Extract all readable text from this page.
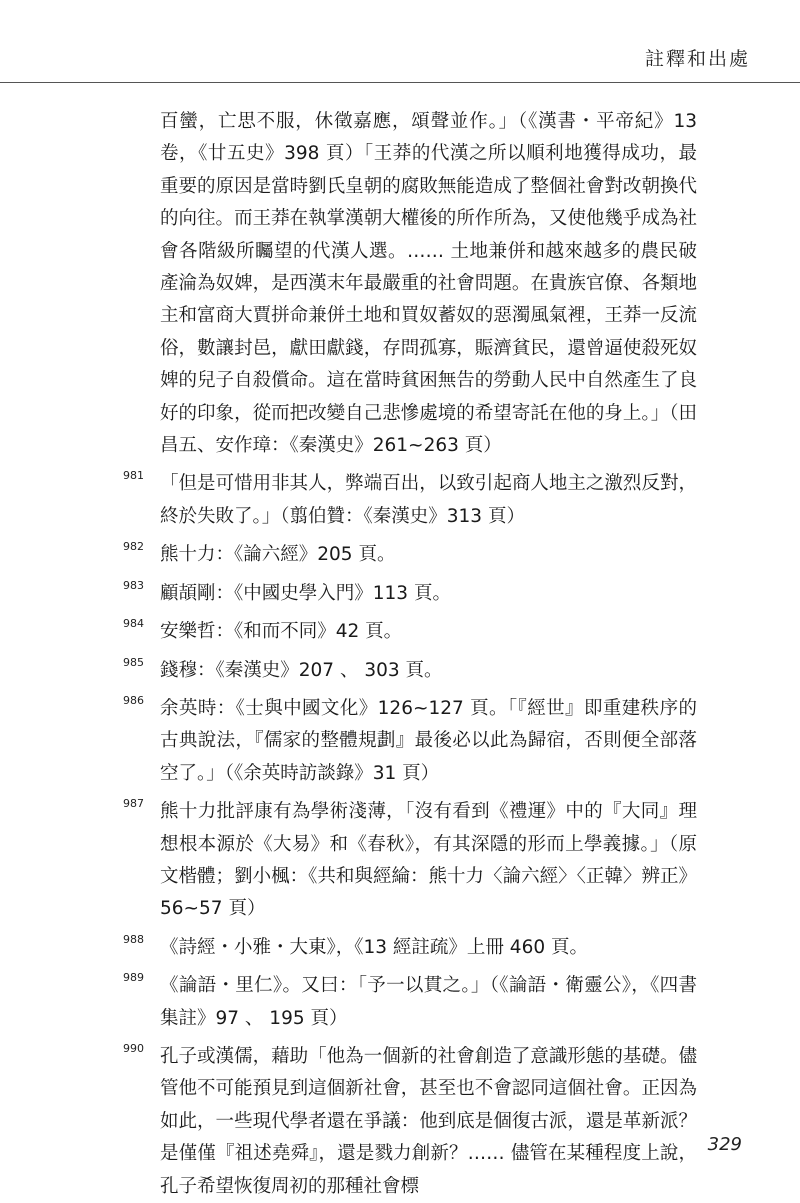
註釋和出處

百蠻，亡思不服，休徵嘉應，頌聲並作。」（《漢書・平帝紀》13 卷，《廿五史》398 頁）「王莽的代漢之所以順利地獲得成功，最重要的原因是當時劉氏皇朝的腐敗無能造成了整個社會對改朝換代的向往。而王莽在執掌漢朝大權後的所作所為，又使他幾乎成為社會各階級所矚望的代漢人選。…… 土地兼併和越來越多的農民破產淪為奴婢，是西漢末年最嚴重的社會問題。在貴族官僚、各類地主和富商大賈拼命兼併土地和買奴蓄奴的惡濁風氣裡，王莽一反流俗，數讓封邑，獻田獻錢，存問孤寡，賑濟貧民，還曾逼使殺死奴婢的兒子自殺償命。這在當時貧困無告的勞動人民中自然產生了良好的印象，從而把改變自己悲慘處境的希望寄託在他的身上。」（田昌五、安作璋：《秦漢史》261~263 頁）

981 「但是可惜用非其人，弊端百出，以致引起商人地主之激烈反對，終於失敗了。」（翦伯贊：《秦漢史》313 頁）
982 熊十力：《論六經》205 頁。
983 顧頡剛：《中國史學入門》113 頁。
984 安樂哲：《和而不同》42 頁。
985 錢穆：《秦漢史》207 、 303 頁。
986 余英時：《士與中國文化》126~127 頁。「『經世』即重建秩序的古典說法，『儒家的整體規劃』最後必以此為歸宿，否則便全部落空了。」（《余英時訪談錄》31 頁）
987 熊十力批評康有為學術淺薄，「沒有看到《禮運》中的『大同』理想根本源於《大易》和《春秋》，有其深隱的形而上學義據。」（原文楷體；劉小楓：《共和與經綸：熊十力〈論六經〉〈正韓〉辨正》56~57 頁）
988 《詩經・小雅・大東》，《13 經註疏》上冊 460 頁。
989 《論語・里仁》。又曰：「予一以貫之。」（《論語・衛靈公》，《四書集註》97 、 195 頁）
990 孔子或漢儒，藉助「他為一個新的社會創造了意識形態的基礎。儘管他不可能預見到這個新社會，甚至也不會認同這個社會。正因為如此，一些現代學者還在爭議：他到底是個復古派，還是革新派？是僅僅『祖述堯舜』，還是戮力創新？…… 儘管在某種程度上說，孔子希望恢復周初的那種社會標
329
